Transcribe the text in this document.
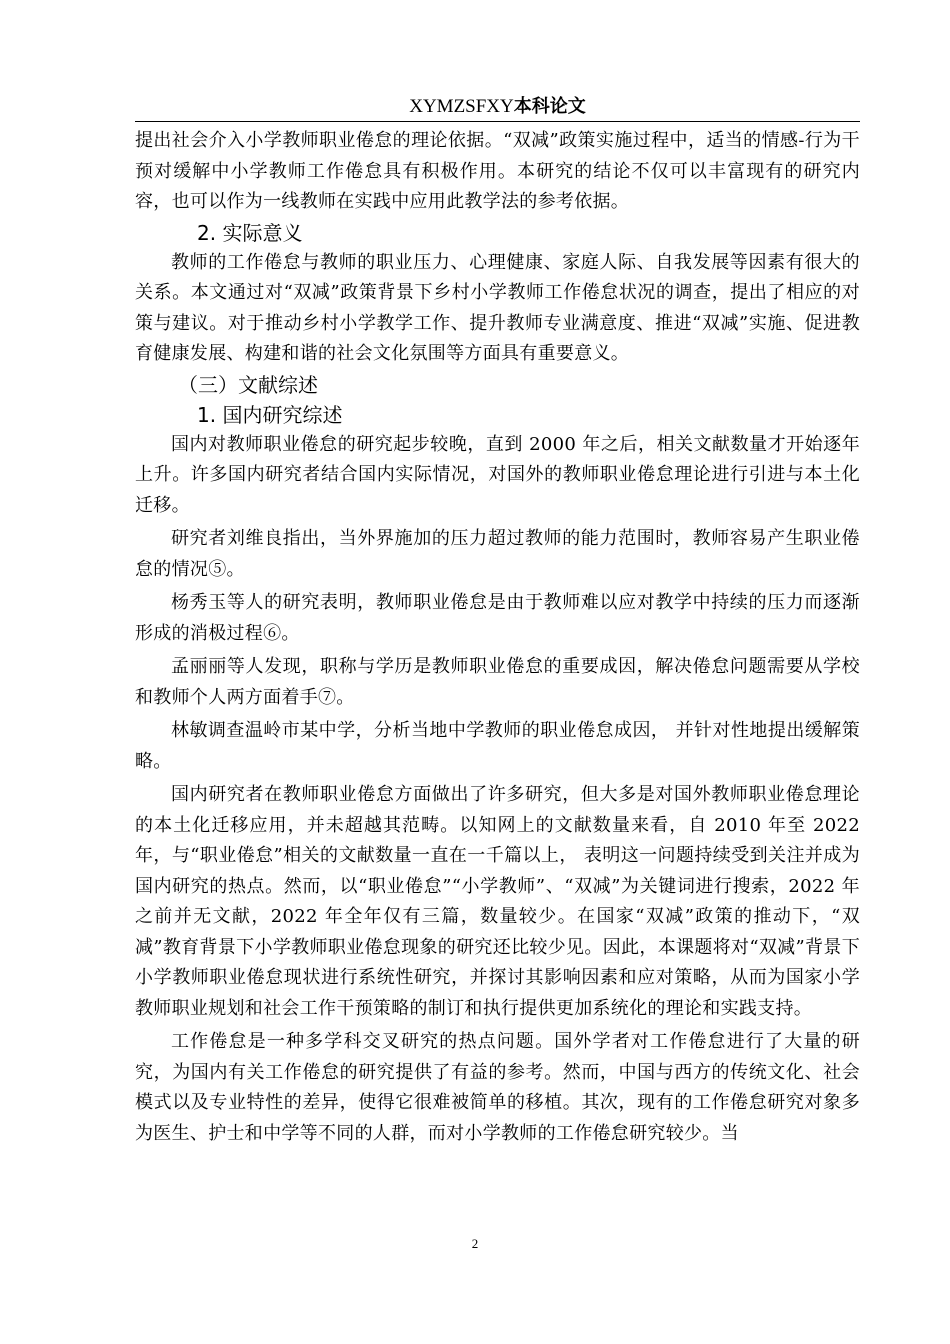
XYMZSFXY本科论文

提出社会介入小学教师职业倦怠的理论依据。“双减”政策实施过程中，适当的情感-行为干预对缓解中小学教师工作倦怠具有积极作用。本研究的结论不仅可以丰富现有的研究内容，也可以作为一线教师在实践中应用此教学法的参考依据。

2. 实际意义

教师的工作倦怠与教师的职业压力、心理健康、家庭人际、自我发展等因素有很大的关系。本文通过对“双减”政策背景下乡村小学教师工作倦怠状况的调查，提出了相应的对策与建议。对于推动乡村小学教学工作、提升教师专业满意度、推进“双减”实施、促进教育健康发展、构建和谐的社会文化氛围等方面具有重要意义。

（三）文献综述

1. 国内研究综述

国内对教师职业倦怠的研究起步较晚，直到 2000 年之后，相关文献数量才开始逐年上升。许多国内研究者结合国内实际情况，对国外的教师职业倦怠理论进行引进与本土化迁移。

研究者刘维良指出，当外界施加的压力超过教师的能力范围时，教师容易产生职业倦怠的情况⑤。

杨秀玉等人的研究表明，教师职业倦怠是由于教师难以应对教学中持续的压力而逐渐形成的消极过程⑥。

孟丽丽等人发现，职称与学历是教师职业倦怠的重要成因，解决倦怠问题需要从学校和教师个人两方面着手⑦。

林敏调查温岭市某中学，分析当地中学教师的职业倦怠成因， 并针对性地提出缓解策略。

国内研究者在教师职业倦怠方面做出了许多研究，但大多是对国外教师职业倦怠理论的本土化迁移应用，并未超越其范畴。以知网上的文献数量来看，自 2010 年至 2022 年，与“职业倦怠”相关的文献数量一直在一千篇以上， 表明这一问题持续受到关注并成为国内研究的热点。然而，以“职业倦怠”“小学教师”、“双减”为关键词进行搜索，2022 年之前并无文献，2022 年全年仅有三篇，数量较少。在国家“双减”政策的推动下，“双减”教育背景下小学教师职业倦怠现象的研究还比较少见。因此，本课题将对“双减”背景下小学教师职业倦怠现状进行系统性研究，并探讨其影响因素和应对策略，从而为国家小学教师职业规划和社会工作干预策略的制订和执行提供更加系统化的理论和实践支持。

工作倦怠是一种多学科交叉研究的热点问题。国外学者对工作倦怠进行了大量的研究，为国内有关工作倦怠的研究提供了有益的参考。然而，中国与西方的传统文化、社会模式以及专业特性的差异，使得它很难被简单的移植。其次，现有的工作倦怠研究对象多为医生、护士和中学等不同的人群，而对小学教师的工作倦怠研究较少。当

2
